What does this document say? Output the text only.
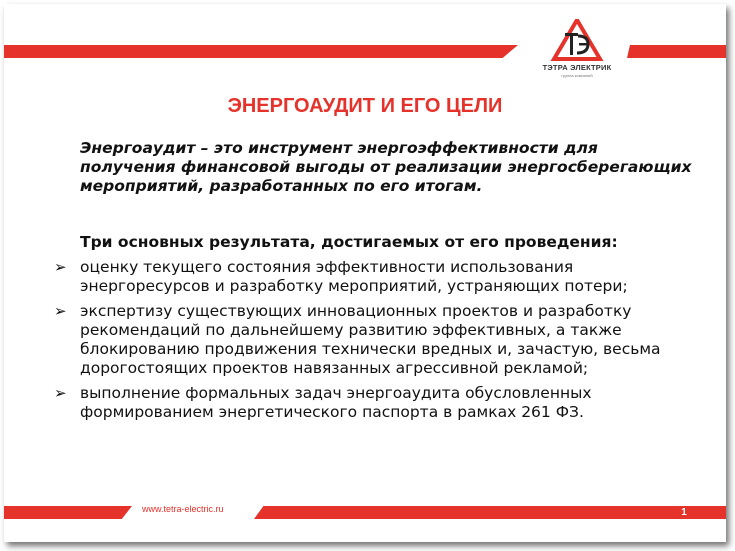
ТЭТРА ЭЛЕКТРИК
группа компаний
ЭНЕРГОАУДИТ И ЕГО ЦЕЛИ
Энергоаудит – это инструмент энергоэффективности для получения финансовой выгоды от реализации энергосберегающих мероприятий, разработанных по его итогам.
Три основных результата, достигаемых от его проведения:
➢ оценку текущего состояния эффективности использования энергоресурсов и разработку мероприятий, устраняющих потери;
➢ экспертизу существующих инновационных проектов и разработку рекомендаций по дальнейшему развитию эффективных, а также блокированию продвижения технически вредных и, зачастую, весьма дорогостоящих проектов навязанных агрессивной рекламой;
➢ выполнение формальных задач энергоаудита обусловленных формированием энергетического паспорта в рамках 261 ФЗ.
www.tetra-electric.ru	1
